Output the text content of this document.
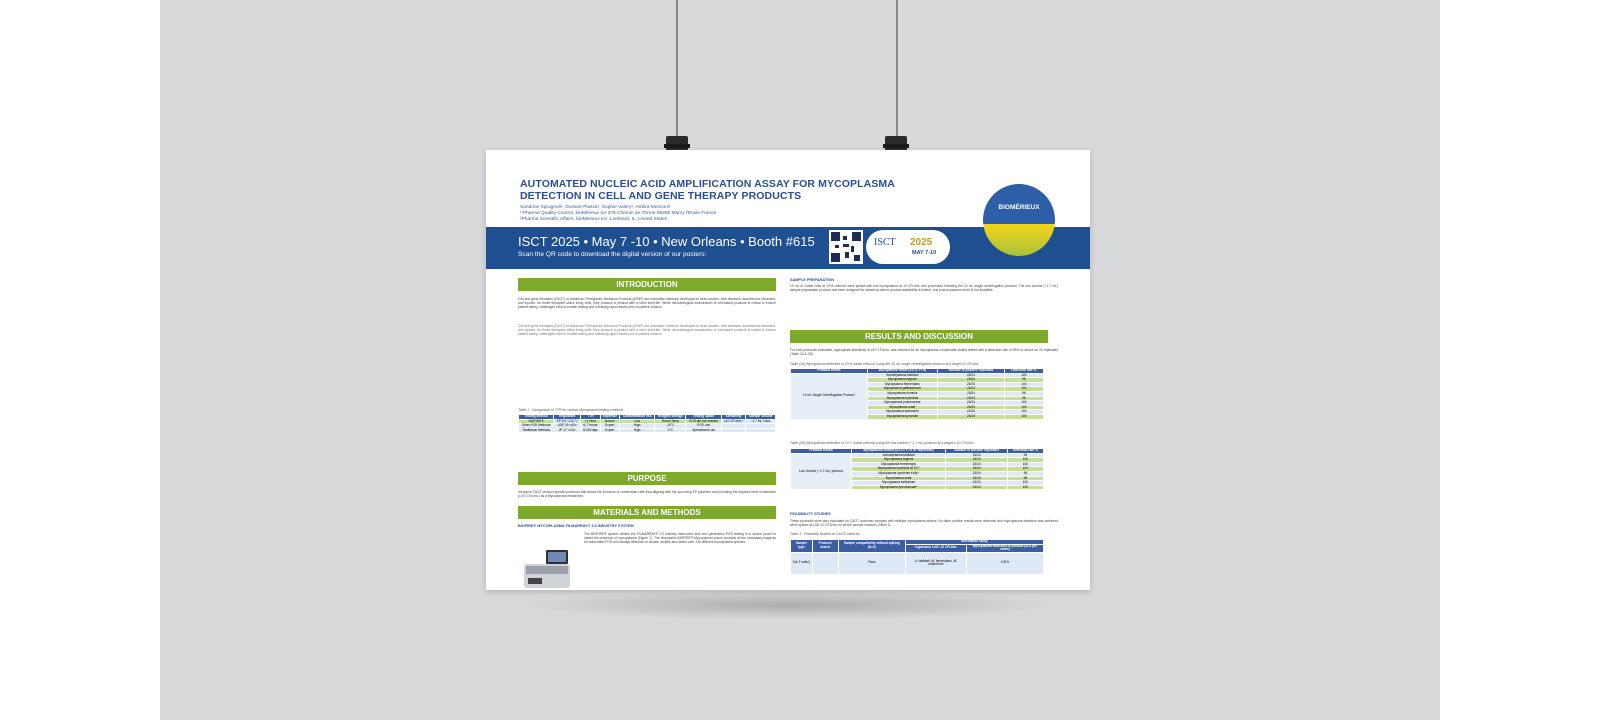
AUTOMATED NUCLEIC ACID AMPLIFICATION ASSAY FOR MYCOPLASMA DETECTION IN CELL AND GENE THERAPY PRODUCTS
Sandrine Sprugnoli¹, Oceane Piazza¹, Sophie Valery¹, Ambrà Menconi¹
¹ Pharma Quality Control, bioMérieux SA 376 Chemin de l'Orme 69280 Marcy l'Etoile France
²Pharma Scientific Affairs, bioMérieux Inc. Lombard, IL, United States
BIOMÉRIEUX
ISCT 2025 • May 7 -10 • New Orleans • Booth #615
Scan the QR code to download the digital version of our posters:
ISCT 2025
MAY 7-10
INTRODUCTION
Cell and gene therapies (C&GT) or Advanced Therapeutic Medicinal Products (ATMP) are innovative medicine developed to treat cancers, rare diseases, autoimmune disorders, and injuries. As these therapies utilize living cells, they produce a product with a short shelf-life. While microbiological examination of cell-based products is critical to ensure patient safety, challenges exist to enable testing and releasing rapid results prior to patient infusion.
Cell and gene therapies (C&GT) or Advanced Therapeutic Medicinal Products (ATMP) are innovative medicine developed to treat cancers, rare diseases, autoimmune disorders, and injuries. As these therapies utilize living cells, they produce a product with a short shelf-life. While microbiological examination of cell-based products is critical to ensure patient safety, challenges exist to enable testing and releasing rapid results prior to patient infusion.
Table 1 : Comparison of TTR for various Mycoplasma testing methods
Testing Method	Regulation	TTR	Expertise	Contamination risk	Reagent storage	Testing Space	Sensitivity	Sample Volume
BIOFIRE®	EP 9.0 <2.6.7>	<1 Hour	Novice	Low	Room Temp	PCR lab not needed	≤10 CFU/mL*	~1.7 mL 10mL
Other PCR Methods	USP 39 <63>	6-7 Hours	Expert	High	-20°C	PCR Lab		
Traditional Methods	JP 17 <G3>	8-28 Days	Expert	High	4°C	Specialized Lab		
PURPOSE
Introduce C&GT product specific protocols that allows the inclusion of mammalian cells thus aligning with the upcoming EP guideline and providing the required level of detection (≤ 10 CFU/mL) as a Mycoplasma researcher.
MATERIALS AND METHODS
BIOFIRE® MYCOPLASMA FILMARRAY® 2.0 INDUSTRY SYSTEM
The BIOFIRE® system utilizes the FILMARRAY® 2.0 industry instrument and next generation PCR testing in a closed pouch to detect the presence of mycoplasma (Figure 1). The disposable BIOFIRE® Mycoplasma pouch contains all the necessary reagents for automated PCR and Assays detection to isolate, amplify and detect over 130 different mycoplasma species.
SAMPLE PREPARATION
10 mL of Jurkat cells at 10^6 cells/mL were spiked with low mycoplasma at 10 CFU/mL and processed following the 10 mL single centrifugation protocol. The low volume (~1.7 mL) sample preparation protocol has been designed for situations where product availability is limited, and post-expansion broth is not available.
RESULTS AND DISCUSSION
For both protocols evaluated, appropriate sensitivity of ≤10 CFU/mL was reached for all mycoplasma compendial strains tested with a detection rate of 95% or above on 24 replicates (Table 2A & 2B).
Table (2A) Mycoplasma detection in 10^6 Jurkat cells/mL using the 10 mL single centrifugation protocol at a target 10 CFU/mL
Protocol tested	Mycoplasma strain (ATCC FTR)	Number of positive replicates	Detection rate %
10 mL Single Centrifugation Protocol	Acholeplasma laidlawii	24/24	100
	Mycoplasma arginini	23/24	96
	Mycoplasma fermentans	24/24	100
	Mycoplasma gallisepticum	24/24	100
	Mycoplasma hominis	23/24	96
	Mycoplasma hyorhinis	23/24	96
	Mycoplasma pneumoniae	24/24	100
	Mycoplasma orale	24/24	100
	Mycoplasma salivarium	24/24	100
	Mycoplasma synoviae	24/24	100
Table (2B) Mycoplasma detection in 10^7 Jurkat cells/mL using the low volume (~1.7 mL) protocol at a target ≤ 10 CFU/mL
Protocol tested	Mycoplasma Strains (ATCC FTR or *Mycosafe)	Number of positive replicates	Detection rate %
Low Volume (~1.7 mL) protocol	Acholeplasma laidlawii	24/24	95
	Mycoplasma arginini	24/24	100
	Mycoplasma fermentans	24/24	100
	Mycoplasma hyorhinis ATCC*	24/24	100
	Mycoplasma hyorhinis Kelly*	23/24	96
	Mycoplasma orale	23/24	96
	Mycoplasma salivarium	24/24	100
	Mycoplasma pneumoniae*	24/24	100
FEASIBILITY STUDIES
These protocols were also evaluated on C&GT customer samples with multiple mycoplasma strains. No false positive results were observed and mycoplasma detection was achieved when spiked at LOD 10 CFU/mL for all the sample matrices (Table 3).
Table 3 : Feasibility studies on C&GT matrices
Sample type	Protocol tested	Sample compatibility without spiking (N=3)	Inoculation study	
			Organisms LOD: 10 CFU/mL	Mycoplasma detection to product (N=3 per strain)
Car T cells*)		Pass	A. laidlawii, M. fermentans, M. orale/more	100%
